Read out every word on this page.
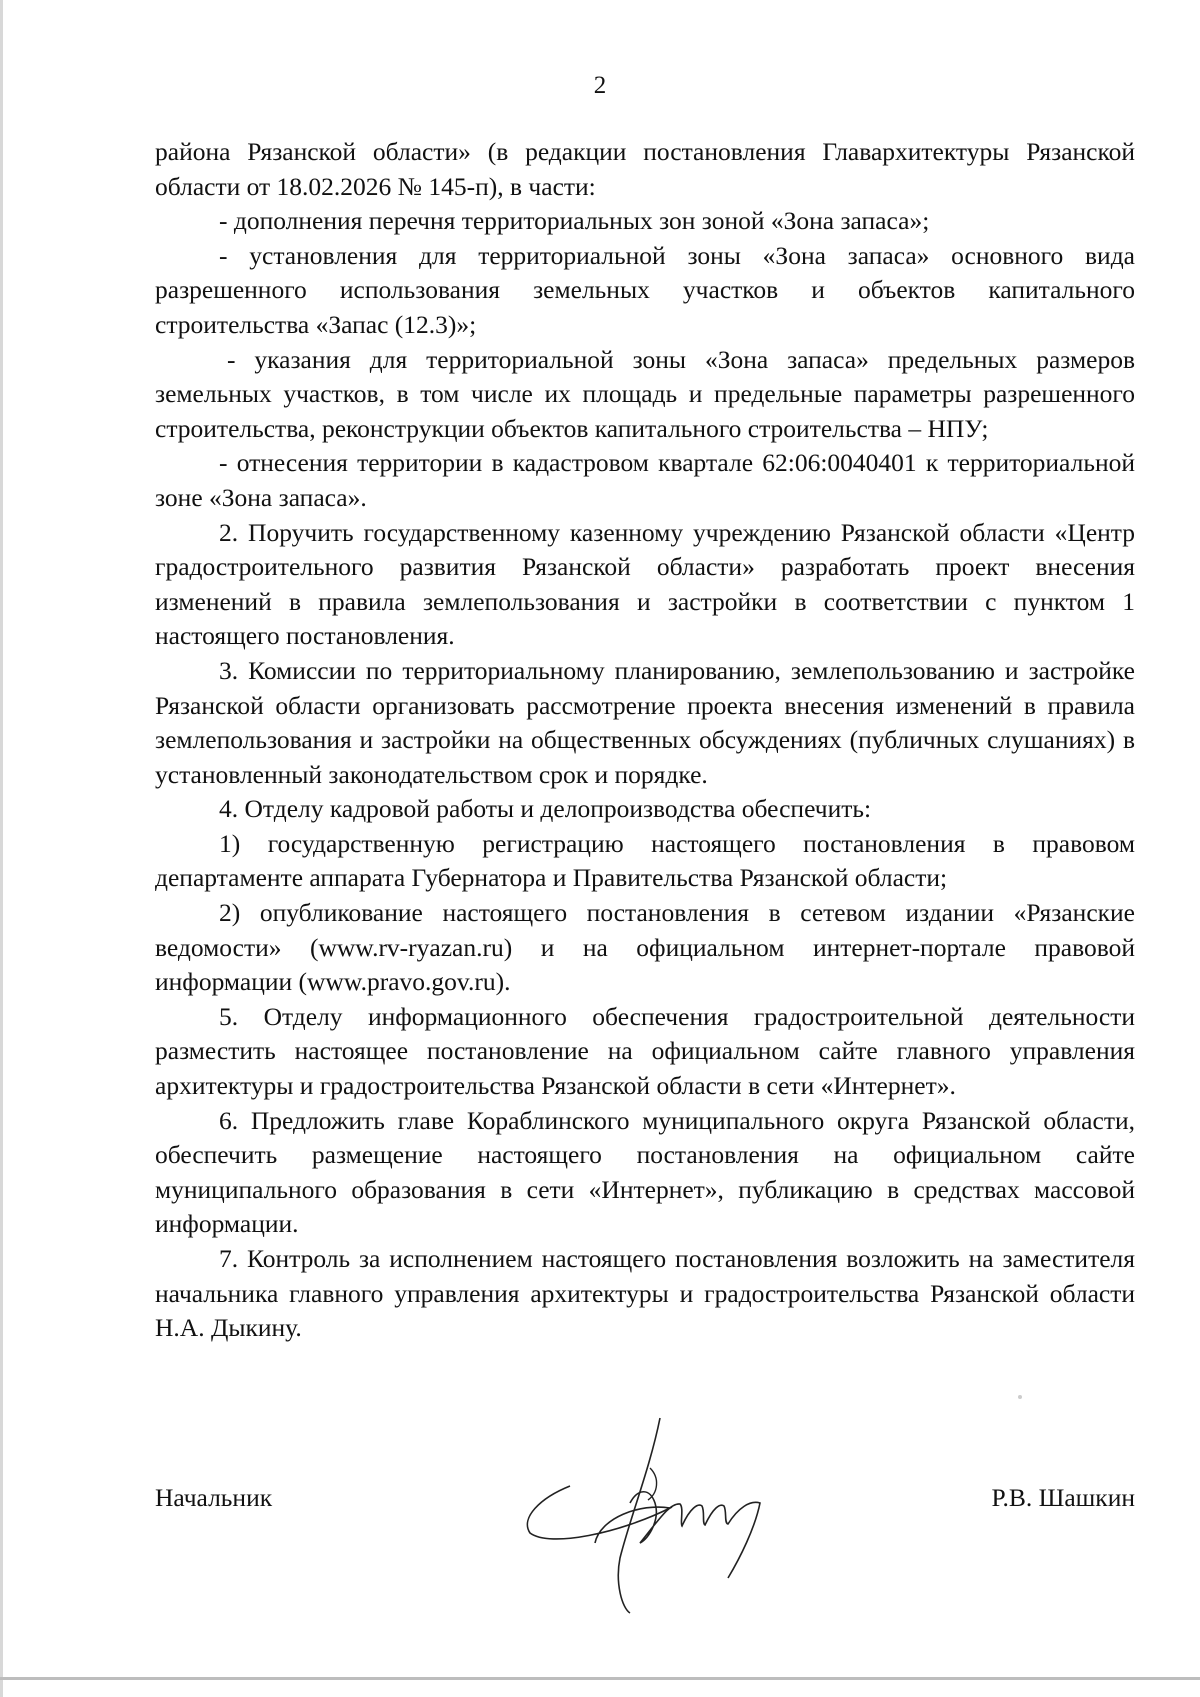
2

района Рязанской области» (в редакции постановления Главархитектуры Рязанской области от 18.02.2026 № 145-п), в части:

- дополнения перечня территориальных зон зоной «Зона запаса»;

- установления для территориальной зоны «Зона запаса» основного вида разрешенного использования земельных участков и объектов капитального строительства «Запас (12.3)»;

- указания для территориальной зоны «Зона запаса» предельных размеров земельных участков, в том числе их площадь и предельные параметры разрешенного строительства, реконструкции объектов капитального строительства – НПУ;

- отнесения территории в кадастровом квартале 62:06:0040401 к территориальной зоне «Зона запаса».

2. Поручить государственному казенному учреждению Рязанской области «Центр градостроительного развития Рязанской области» разработать проект внесения изменений в правила землепользования и застройки в соответствии с пунктом 1 настоящего постановления.

3. Комиссии по территориальному планированию, землепользованию и застройке Рязанской области организовать рассмотрение проекта внесения изменений в правила землепользования и застройки на общественных обсуждениях (публичных слушаниях) в установленный законодательством срок и порядке.

4. Отделу кадровой работы и делопроизводства обеспечить:

1) государственную регистрацию настоящего постановления в правовом департаменте аппарата Губернатора и Правительства Рязанской области;

2) опубликование настоящего постановления в сетевом издании «Рязанские ведомости» (www.rv-ryazan.ru) и на официальном интернет-портале правовой информации (www.pravo.gov.ru).

5. Отделу информационного обеспечения градостроительной деятельности разместить настоящее постановление на официальном сайте главного управления архитектуры и градостроительства Рязанской области в сети «Интернет».

6. Предложить главе Кораблинского муниципального округа Рязанской области, обеспечить размещение настоящего постановления на официальном сайте муниципального образования в сети «Интернет», публикацию в средствах массовой информации.

7. Контроль за исполнением настоящего постановления возложить на заместителя начальника главного управления архитектуры и градостроительства Рязанской области Н.А. Дыкину.

Начальник	Р.В. Шашкин
